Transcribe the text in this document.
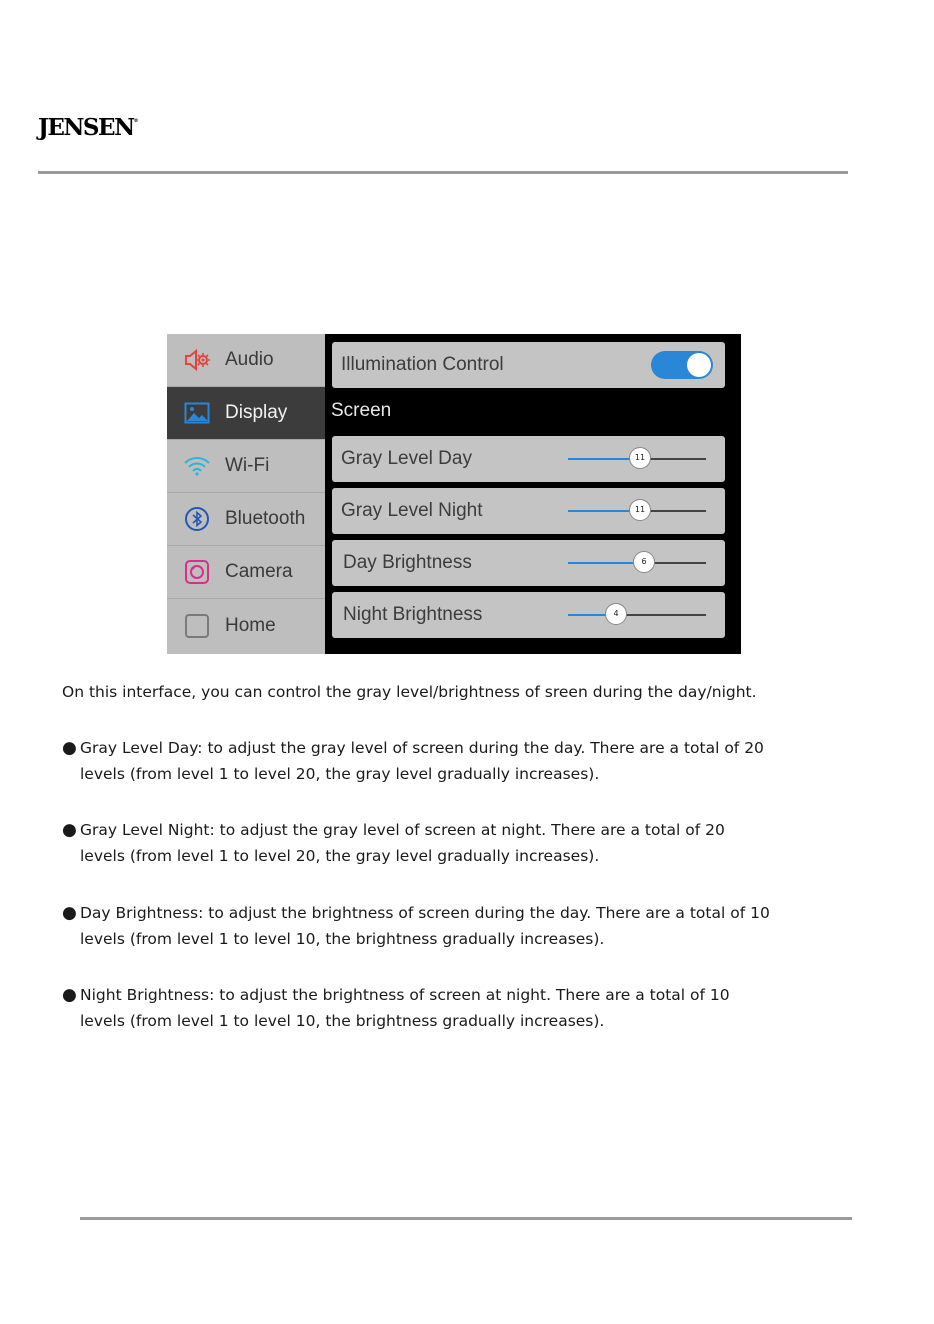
JENSEN®
Audio
Display
Wi-Fi
Bluetooth
Camera
Home
Illumination Control
Screen
Gray Level Day	11
Gray Level Night	11
Day Brightness	6
Night Brightness	4
On this interface, you can control the gray level/brightness of sreen during the day/night.
● Gray Level Day: to adjust the gray level of screen during the day. There are a total of 20
levels (from level 1 to level 20, the gray level gradually increases).
● Gray Level Night: to adjust the gray level of screen at night. There are a total of 20
levels (from level 1 to level 20, the gray level gradually increases).
● Day Brightness: to adjust the brightness of screen during the day. There are a total of 10
levels (from level 1 to level 10, the brightness gradually increases).
● Night Brightness: to adjust the brightness of screen at night. There are a total of 10
levels (from level 1 to level 10, the brightness gradually increases).
